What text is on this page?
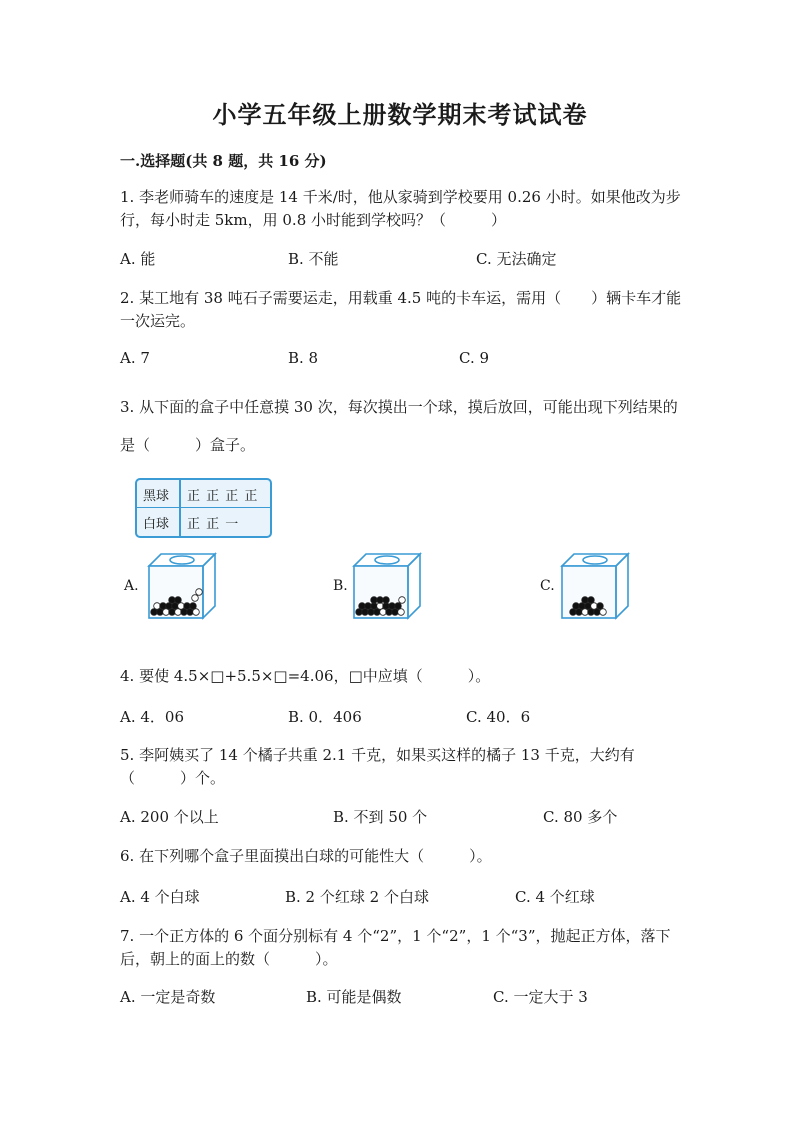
小学五年级上册数学期末考试试卷
一.选择题(共 8 题，共 16 分)
1. 李老师骑车的速度是 14 千米/时，他从家骑到学校要用 0.26 小时。如果他改为步行，每小时走 5km，用 0.8 小时能到学校吗？（　　　）
A. 能	B. 不能	C. 无法确定
2. 某工地有 38 吨石子需要运走，用载重 4.5 吨的卡车运，需用（　　）辆卡车才能一次运完。
A. 7	B. 8	C. 9
3. 从下面的盒子中任意摸 30 次，每次摸出一个球，摸后放回，可能出现下列结果的是（　　　）盒子。
黑球 正 正 正 正
白球 正 正 一
A.	B.	C.
4. 要使 4.5×□+5.5×□=4.06，□中应填（　　　）。
A. 4．06	B. 0．406	C. 40．6
5. 李阿姨买了 14 个橘子共重 2.1 千克，如果买这样的橘子 13 千克，大约有（　　　）个。
A. 200 个以上	B. 不到 50 个	C. 80 多个
6. 在下列哪个盒子里面摸出白球的可能性大（　　　）。
A. 4 个白球	B. 2 个红球 2 个白球	C. 4 个红球
7. 一个正方体的 6 个面分别标有 4 个“2”，1 个“2”，1 个“3”，抛起正方体，落下后，朝上的面上的数（　　　）。
A. 一定是奇数	B. 可能是偶数	C. 一定大于 3
